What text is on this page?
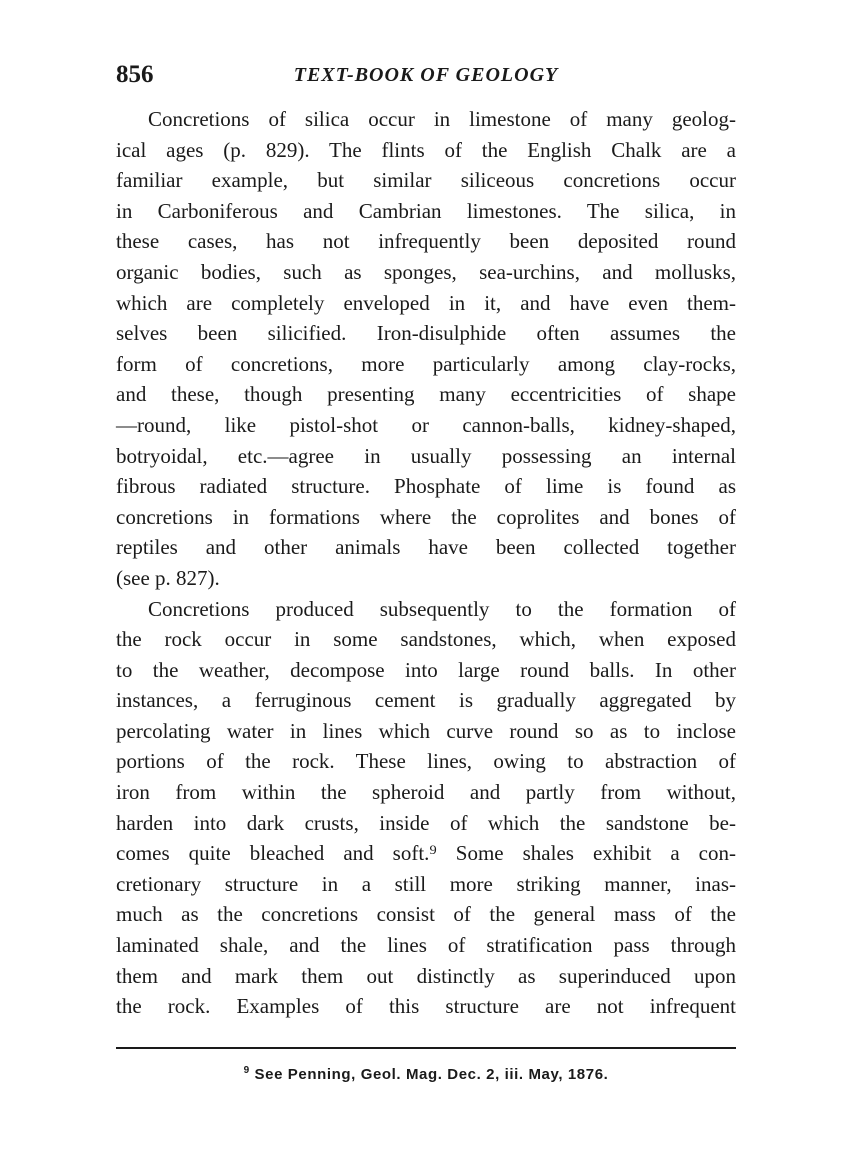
856	TEXT-BOOK OF GEOLOGY
Concretions of silica occur in limestone of many geolog-
ical ages (p. 829). The flints of the English Chalk are a
familiar example, but similar siliceous concretions occur
in Carboniferous and Cambrian limestones. The silica, in
these cases, has not infrequently been deposited round
organic bodies, such as sponges, sea-urchins, and mollusks,
which are completely enveloped in it, and have even them-
selves been silicified. Iron-disulphide often assumes the
form of concretions, more particularly among clay-rocks,
and these, though presenting many eccentricities of shape
—round, like pistol-shot or cannon-balls, kidney-shaped,
botryoidal, etc.—agree in usually possessing an internal
fibrous radiated structure. Phosphate of lime is found as
concretions in formations where the coprolites and bones of
reptiles and other animals have been collected together
(see p. 827).
Concretions produced subsequently to the formation of
the rock occur in some sandstones, which, when exposed
to the weather, decompose into large round balls. In other
instances, a ferruginous cement is gradually aggregated by
percolating water in lines which curve round so as to inclose
portions of the rock. These lines, owing to abstraction of
iron from within the spheroid and partly from without,
harden into dark crusts, inside of which the sandstone be-
comes quite bleached and soft.⁹ Some shales exhibit a con-
cretionary structure in a still more striking manner, inas-
much as the concretions consist of the general mass of the
laminated shale, and the lines of stratification pass through
them and mark them out distinctly as superinduced upon
the rock. Examples of this structure are not infrequent
$^9$ See Penning, Geol. Mag. Dec. 2, iii. May, 1876.
